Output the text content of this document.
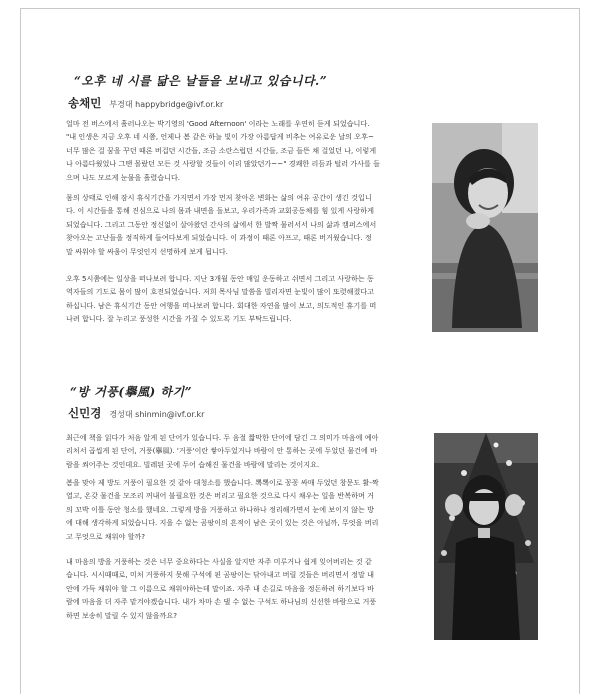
“오후 네 시를 닮은 날들을 보내고 있습니다.”
송채민 부경대 happybridge@ivf.or.kr
얼마 전 버스에서 흘러나오는 박기영의 'Good Afternoon' 이라는 노래를 우연히 듣게 되었습니다.
"내 인생은 지금 오후 네 시쯤, 언제나 봄 같은 하늘 빛이 가장 아름답게 비추는 여유로운 날의 오후~
너무 많은 걸 꿈을 꾸던 때론 버겁던 시간들, 조금 소란스럽던 시간들, 조금 들뜬 채 걸었던 나, 이렇게
나 아름다웠었나 그땐 몰랐던 모든 것 사랑할 것들이 이리 많았던가~~" 경쾌한 리듬과 털러 가사를 들
으며 나도 모르게 눈물을 흘렸습니다.
몸의 상태로 인해 잠시 휴식기간을 가지면서 가장 먼저 찾아온 변화는 삶의 여유 공간이 생긴 것입니
다. 이 시간들을 통해 진심으로 나의 몸과 내면을 돌보고, 우리가족과 교회공동체를 힘 있게 사랑하게
되었습니다. 그리고 그동안 정신없이 살아왔던 간사의 삶에서 한 발짝 물러서서 나의 삶과 캠퍼스에서
찾아오는 고난들을 정직하게 들여다보게 되었습니다. 이 과정이 때론 아프고, 때론 버거웠습니다. 정
말 싸워야 할 싸움이 무엇인지 선명하게 보게 됩니다.
오후 5시쯤에는 일상을 떠나보려 합니다. 지난 3개월 동안 매일 운동하고 쉬면서 그리고 사랑하는 동
역자들의 기도로 몸이 많이 호전되었습니다. 저희 목사님 말씀을 빌리자면 눈빛이 많이 또렷해졌다고
하십니다. 남은 휴식기간 동안 여행을 떠나보려 합니다. 회대한 자연을 많이 보고, 의도적인 휴기를 떠
나려 합니다. 잘 누리고 풍성한 시간을 가질 수 있도록 기도 부탁드립니다.
“방 거풍(擧風) 하기”
신민경 경성대 shinmin@ivf.or.kr
최근에 책을 읽다가 처음 알게 된 단어가 있습니다. 두 음절 짧막한 단어에 담긴 그 의미가 마음에 예아
리처서 곱씹게 된 단어, 거풍(擧風). '거풍'이란 쌓아두었거나 바람이 안 통하는 곳에 두었던 물건에 바
람을 쐬어주는 것인데요. 빌레된 곳에 두어 습해진 물건을 바람에 말리는 것이지요.
봄을 맞아 제 방도 거풍이 필요한 것 같아 대청소를 했습니다. 뽁뽁이로 꽁꽁 싸매 두었던 창문도 활-짝
열고, 온갖 물건을 모조리 꺼내어 불필요한 것은 버리고 필요한 것으로 다시 채우는 일을 반복하며 거
의 꼬박 이틀 동안 청소를 했네요. 그렇게 방을 거풍하고 하나하나 정리해가면서 눈에 보이지 않는 방
에 대해 생각하게 되었습니다. 지을 수 없는 곰팡이의 흔적이 남은 곳이 있는 것은 아닐까, 무엇을 버리
고 무엇으로 채워야 할까?
내 마음의 방을 거풍하는 것은 너무 중요하다는 사실을 알지만 자주 미루거나 쉽게 잊어버리는 것 같
습니다. 시시때때로, 미처 거풍하지 못해 구석에 핀 곰팡이는 닦아내고 버릴 것들은 버리면서 정말 내
안에 가득 채워야 할 그 이름으로 채워야하는데 말이죠. 자주 내 손길로 마음을 정돈하려 하기보다 바
람에 마음을 더 자주 맡겨야겠습니다. 내가 차마 손 댈 수 없는 구석도 하나님의 신선한 바람으로 거풍
하면 보송히 말릴 수 있지 않을까요?
